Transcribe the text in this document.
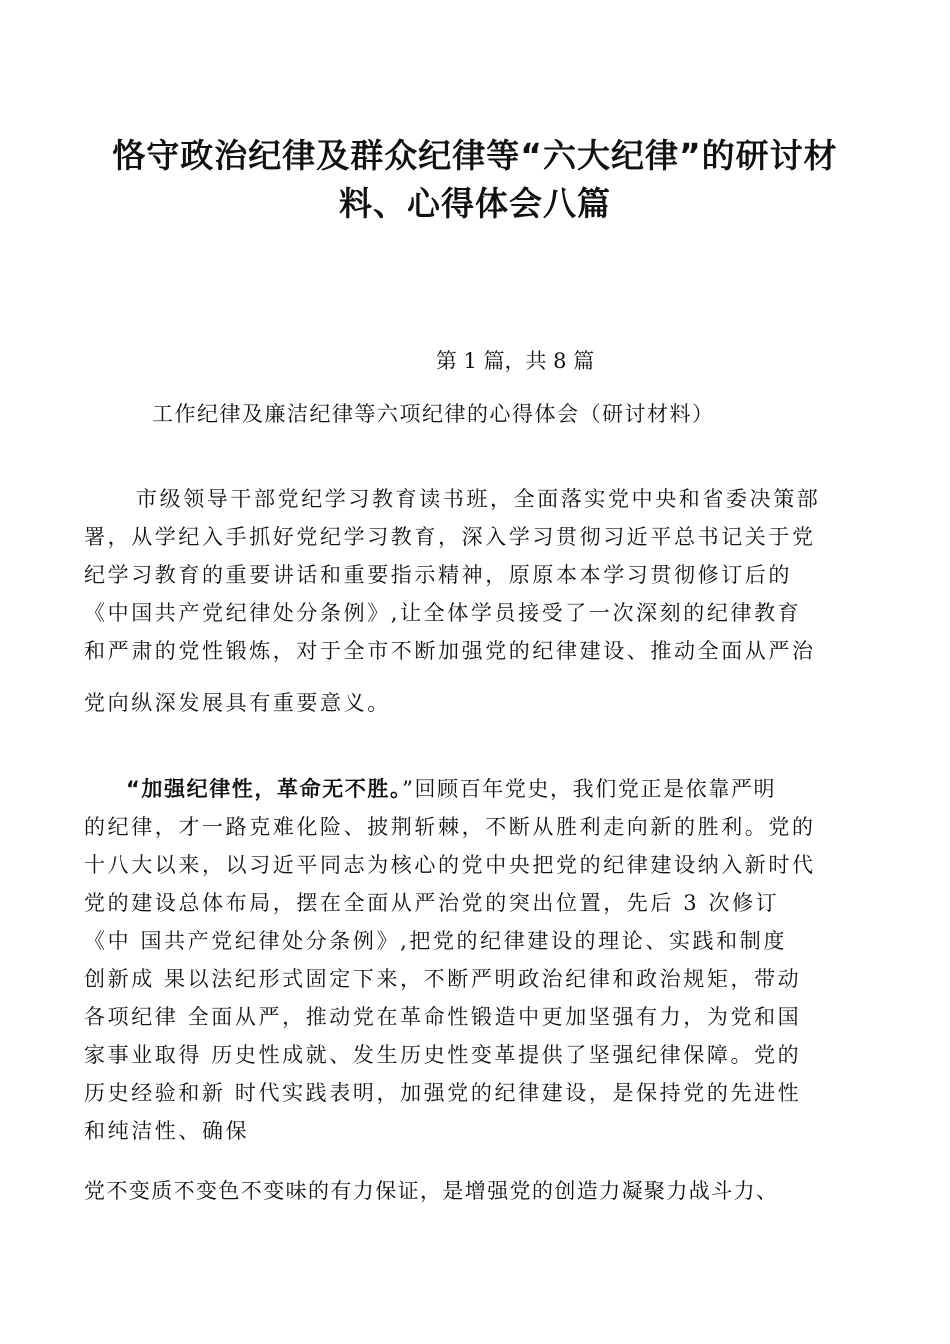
恪守政治纪律及群众纪律等“六大纪律”的研讨材
料、心得体会八篇
第 1 篇，共 8 篇
工作纪律及廉洁纪律等六项纪律的心得体会（研讨材料）
市级领导干部党纪学习教育读书班，全面落实党中央和省委决策部
署，从学纪入手抓好党纪学习教育，深入学习贯彻习近平总书记关于党
纪学习教育的重要讲话和重要指示精神，原原本本学习贯彻修订后的
《中国共产党纪律处分条例》,让全体学员接受了一次深刻的纪律教育
和严肃的党性锻炼，对于全市不断加强党的纪律建设、推动全面从严治
党向纵深发展具有重要意义。
“加强纪律性，革命无不胜。”回顾百年党史，我们党正是依靠严明
的纪律，才一路克难化险、披荆斩棘，不断从胜利走向新的胜利。党的
十八大以来，以习近平同志为核心的党中央把党的纪律建设纳入新时代
党的建设总体布局，摆在全面从严治党的突出位置，先后 3 次修订
《中 国共产党纪律处分条例》,把党的纪律建设的理论、实践和制度
创新成 果以法纪形式固定下来，不断严明政治纪律和政治规矩，带动
各项纪律 全面从严，推动党在革命性锻造中更加坚强有力，为党和国
家事业取得 历史性成就、发生历史性变革提供了坚强纪律保障。党的
历史经验和新 时代实践表明，加强党的纪律建设，是保持党的先进性
和纯洁性、确保
党不变质不变色不变味的有力保证，是增强党的创造力凝聚力战斗力、
